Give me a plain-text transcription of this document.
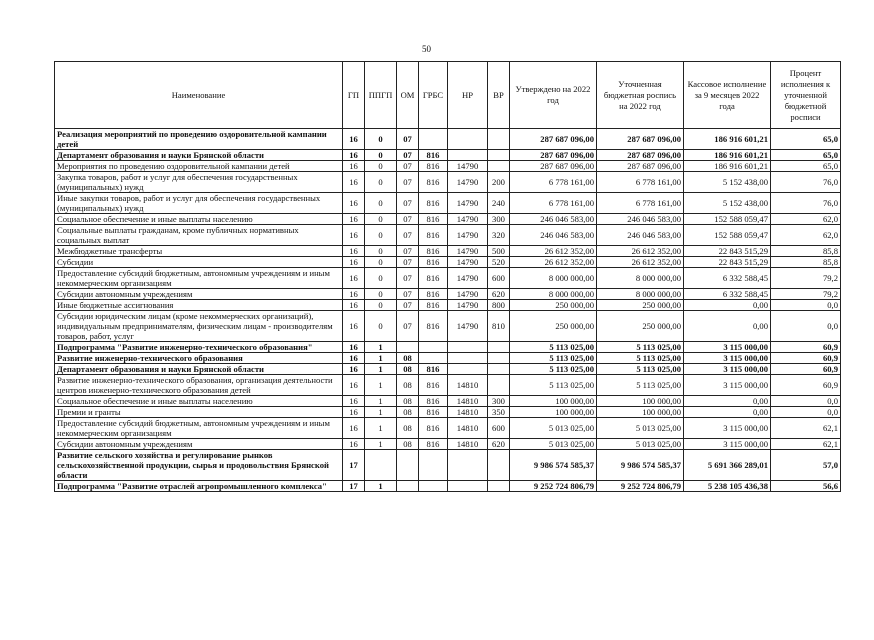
50
Наименование	ГП	ППГП	ОМ	ГРБС	НР	ВР	Утверждено на 2022 год	Уточненная бюджетная роспись на 2022 год	Кассовое исполнение за 9 месяцев 2022 года	Процент исполнения к уточненной бюджетной росписи
Реализация мероприятий по проведению оздоровительной кампании детей	16	0	07				287 687 096,00	287 687 096,00	186 916 601,21	65,0
Департамент образования и науки Брянской области	16	0	07	816			287 687 096,00	287 687 096,00	186 916 601,21	65,0
Мероприятия по проведению оздоровительной кампании детей	16	0	07	816	14790		287 687 096,00	287 687 096,00	186 916 601,21	65,0
Закупка товаров, работ и услуг для обеспечения государственных (муниципальных) нужд	16	0	07	816	14790	200	6 778 161,00	6 778 161,00	5 152 438,00	76,0
Иные закупки товаров, работ и услуг для обеспечения государственных (муниципальных) нужд	16	0	07	816	14790	240	6 778 161,00	6 778 161,00	5 152 438,00	76,0
Социальное обеспечение и иные выплаты населению	16	0	07	816	14790	300	246 046 583,00	246 046 583,00	152 588 059,47	62,0
Социальные выплаты гражданам, кроме публичных нормативных социальных выплат	16	0	07	816	14790	320	246 046 583,00	246 046 583,00	152 588 059,47	62,0
Межбюджетные трансферты	16	0	07	816	14790	500	26 612 352,00	26 612 352,00	22 843 515,29	85,8
Субсидии	16	0	07	816	14790	520	26 612 352,00	26 612 352,00	22 843 515,29	85,8
Предоставление субсидий бюджетным, автономным учреждениям и иным некоммерческим организациям	16	0	07	816	14790	600	8 000 000,00	8 000 000,00	6 332 588,45	79,2
Субсидии автономным учреждениям	16	0	07	816	14790	620	8 000 000,00	8 000 000,00	6 332 588,45	79,2
Иные бюджетные ассигнования	16	0	07	816	14790	800	250 000,00	250 000,00	0,00	0,0
Субсидии юридическим лицам (кроме некоммерческих организаций), индивидуальным предпринимателям, физическим лицам - производителям товаров, работ, услуг	16	0	07	816	14790	810	250 000,00	250 000,00	0,00	0,0
Подпрограмма "Развитие инженерно-технического образования"	16	1					5 113 025,00	5 113 025,00	3 115 000,00	60,9
Развитие инженерно-технического образования	16	1	08				5 113 025,00	5 113 025,00	3 115 000,00	60,9
Департамент образования и науки Брянской области	16	1	08	816			5 113 025,00	5 113 025,00	3 115 000,00	60,9
Развитие инженерно-технического образования, организация деятельности центров инженерно-технического образования детей	16	1	08	816	14810		5 113 025,00	5 113 025,00	3 115 000,00	60,9
Социальное обеспечение и иные выплаты населению	16	1	08	816	14810	300	100 000,00	100 000,00	0,00	0,0
Премии и гранты	16	1	08	816	14810	350	100 000,00	100 000,00	0,00	0,0
Предоставление субсидий бюджетным, автономным учреждениям и иным некоммерческим организациям	16	1	08	816	14810	600	5 013 025,00	5 013 025,00	3 115 000,00	62,1
Субсидии автономным учреждениям	16	1	08	816	14810	620	5 013 025,00	5 013 025,00	3 115 000,00	62,1
Развитие сельского хозяйства и регулирование рынков сельскохозяйственной продукции, сырья и продовольствия Брянской области	17						9 986 574 585,37	9 986 574 585,37	5 691 366 289,01	57,0
Подпрограмма "Развитие отраслей агропромышленного комплекса"	17	1					9 252 724 806,79	9 252 724 806,79	5 238 105 436,38	56,6
